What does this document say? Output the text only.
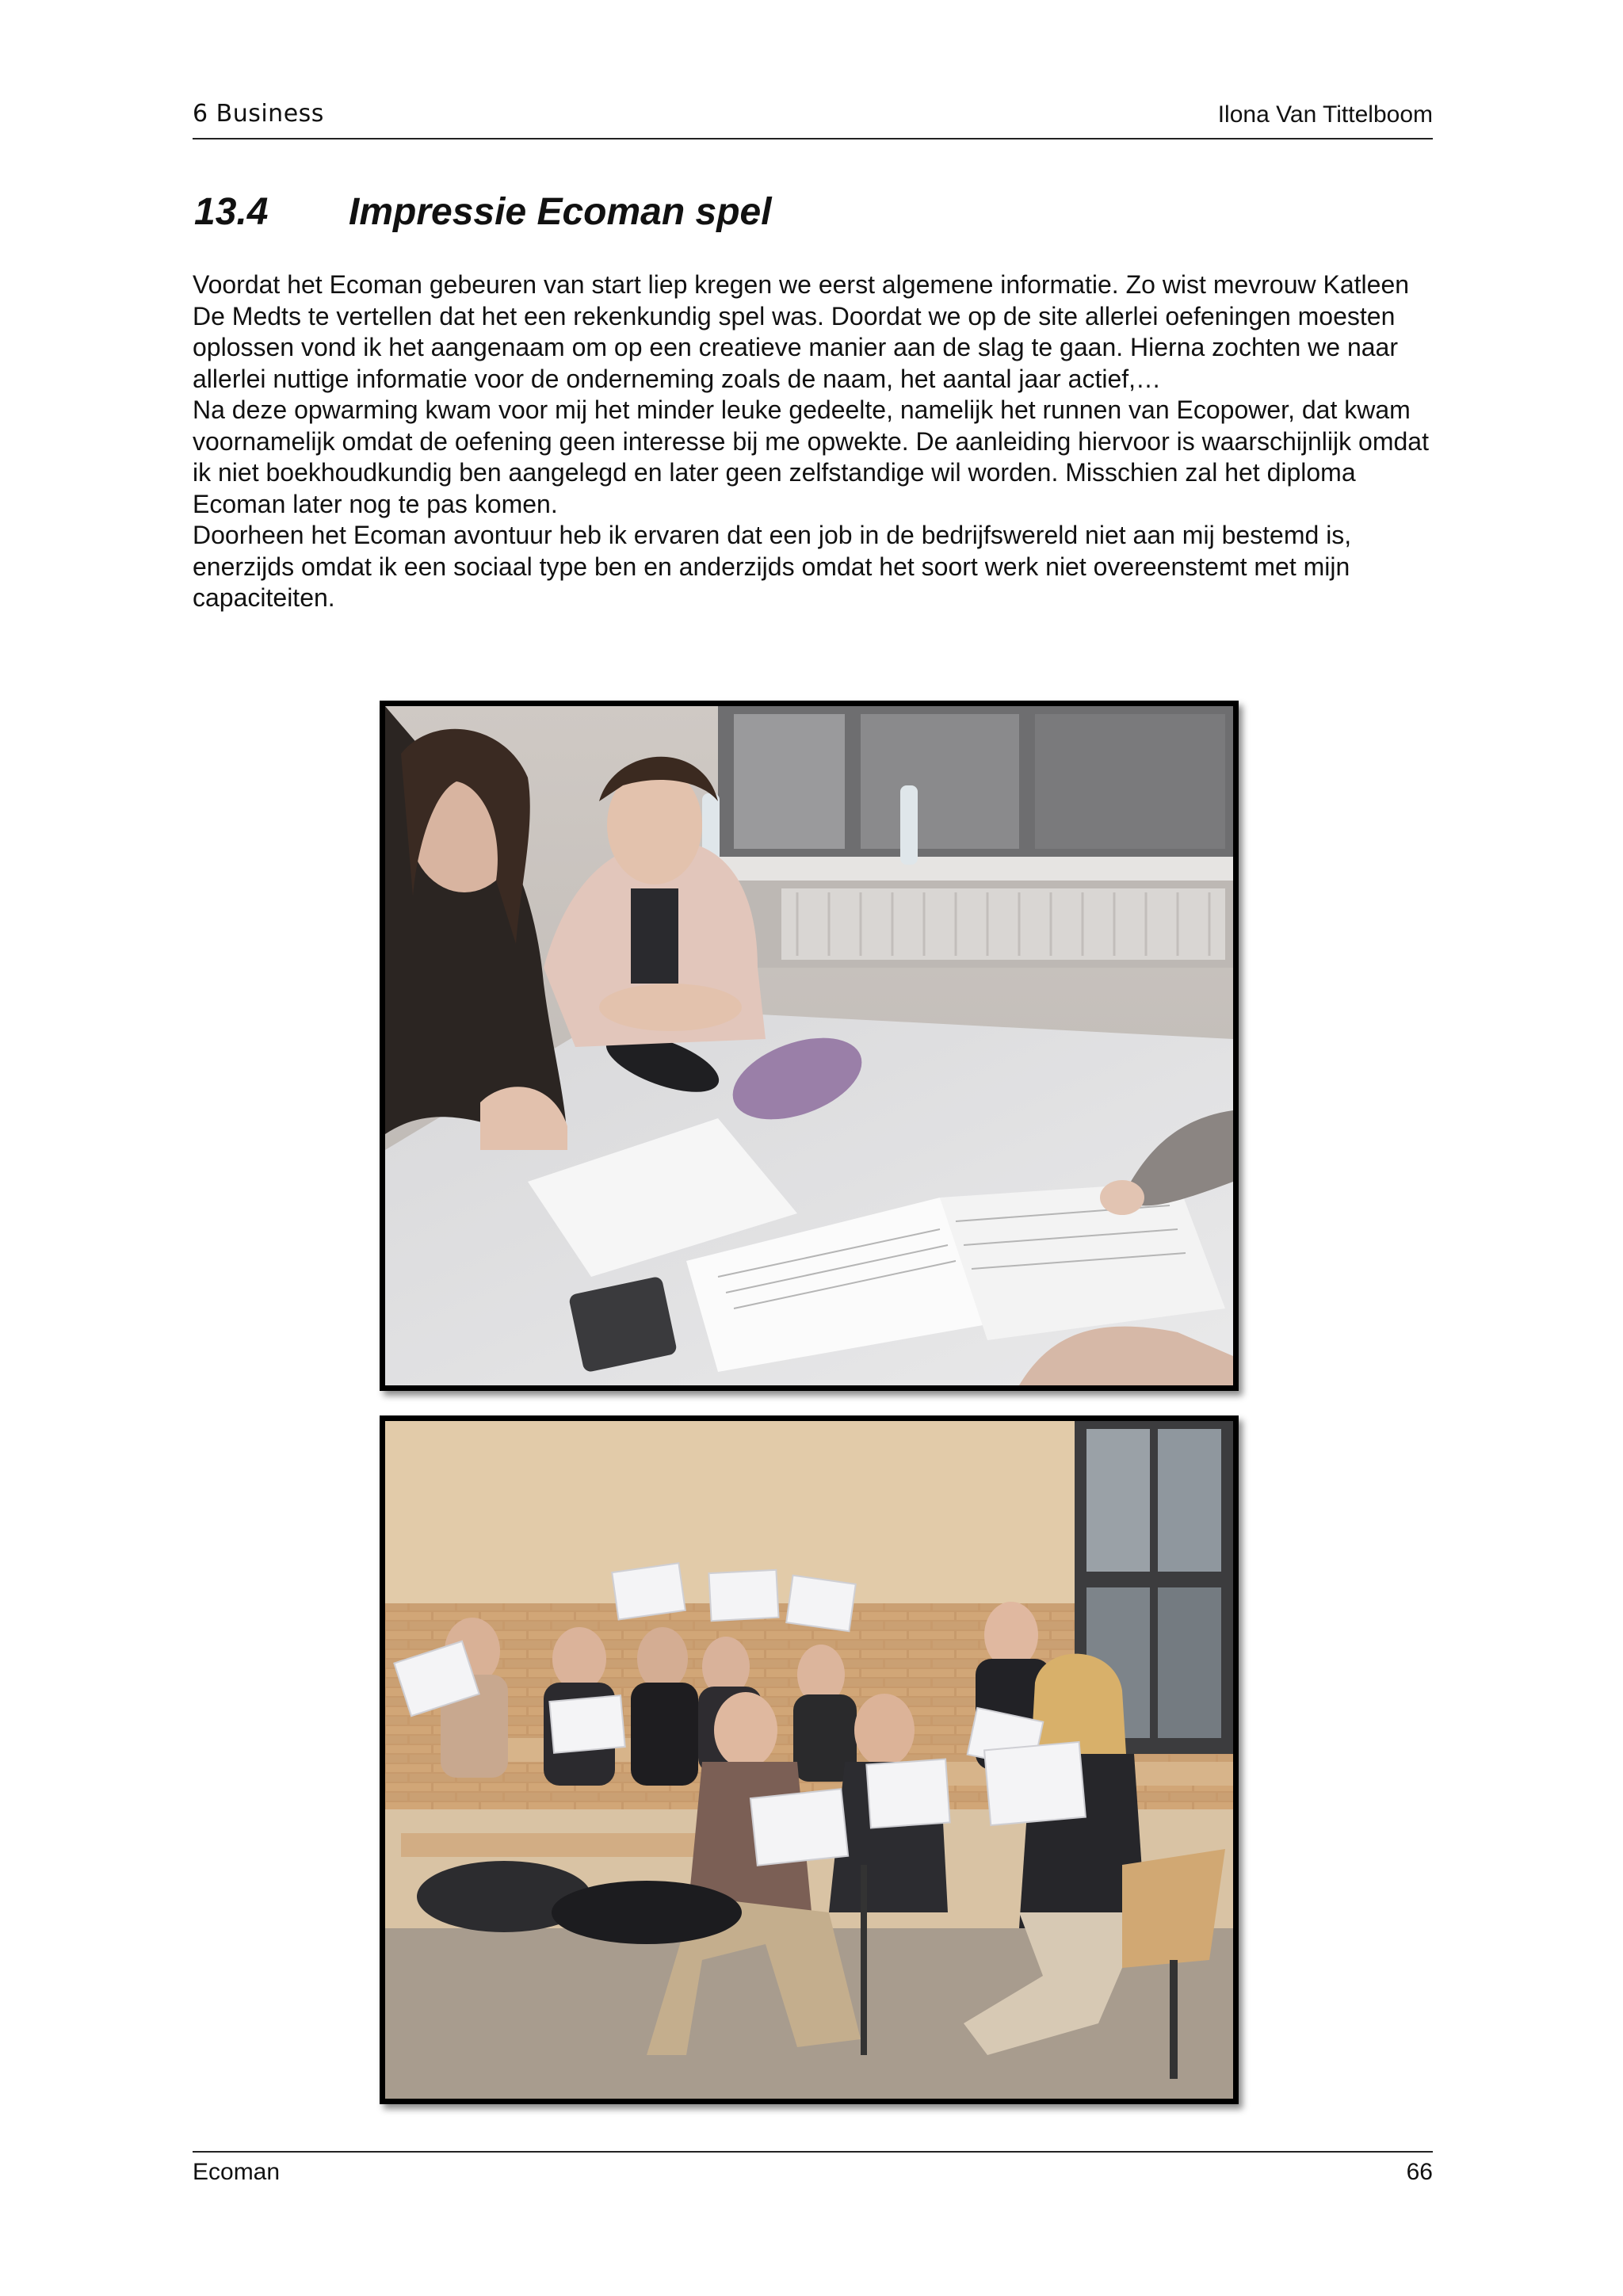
6 Business	Ilona Van Tittelboom
13.4 Impressie Ecoman spel

Voordat het Ecoman gebeuren van start liep kregen we eerst algemene informatie. Zo wist mevrouw Katleen De Medts te vertellen dat het een rekenkundig spel was. Doordat we op de site allerlei oefeningen moesten oplossen vond ik het aangenaam om op een creatieve manier aan de slag te gaan. Hierna zochten we naar allerlei nuttige informatie voor de onderneming zoals de naam, het aantal jaar actief,…

Na deze opwarming kwam voor mij het minder leuke gedeelte, namelijk het runnen van Ecopower, dat kwam voornamelijk omdat de oefening geen interesse bij me opwekte. De aanleiding hiervoor is waarschijnlijk omdat ik niet boekhoudkundig ben aangelegd en later geen zelfstandige wil worden. Misschien zal het diploma Ecoman later nog te pas komen.

Doorheen het Ecoman avontuur heb ik ervaren dat een job in de bedrijfswereld niet aan mij bestemd is, enerzijds omdat ik een sociaal type ben en anderzijds omdat het soort werk niet overeenstemt met mijn capaciteiten.

Ecoman	66
